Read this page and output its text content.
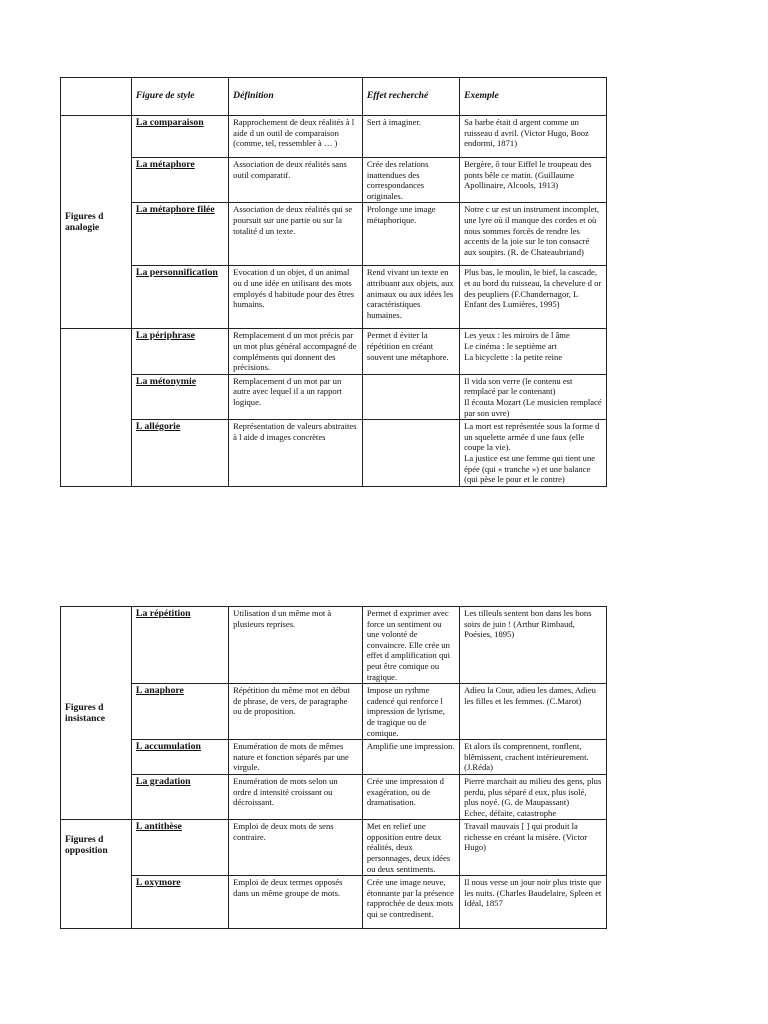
	Figure de style	Définition	Effet recherché	Exemple
Figures d analogie	La comparaison	Rapprochement de deux réalités à l aide d un outil de comparaison (comme, tel, ressembler à … )	Sert à imaginer.	Sa barbe était d argent comme un ruisseau d avril. (Victor Hugo, Booz endormi, 1871)
	La métaphore	Association de deux réalités sans outil comparatif.	Crée des relations inattendues des correspondances originales.	Bergère, ô tour Eiffel le troupeau des ponts bêle ce matin. (Guillaume Apollinaire, Alcools, 1913)
	La métaphore filée	Association de deux réalités qui se poursuit sur une partie ou sur la totalité d un texte.	Prolonge une image métaphorique.	Notre c ur est un instrument incomplet, une lyre où il manque des cordes et où nous sommes forcés de rendre les accents de la joie sur le ton consacré aux soupirs. (R. de Chateaubriand)
	La personnification	Evocation d un objet, d un animal ou d une idée en utilisant des mots employés d habitude pour des êtres humains.	Rend vivant un texte en attribuant aux objets, aux animaux ou aux idées les caractéristiques humaines.	Plus bas, le moulin, le bief, la cascade, et au bord du ruisseau, la chevelure d or des peupliers (F.Chandernagor, L Enfant des Lumières, 1995)
	La périphrase	Remplacement d un mot précis par un mot plus général accompagné de compléments qui donnent des précisions.	Permet d éviter la répétition en créant souvent une métaphore.	Les yeux : les miroirs de l âme
Le cinéma : le septième art
La bicyclette : la petite reine
	La métonymie	Remplacement d un mot par un autre avec lequel il a un rapport logique.		Il vida son verre (le contenu est remplacé par le contenant)
Il écouta Mozart (Le musicien remplacé par son uvre)
	L allégorie	Représentation de valeurs abstraites à l aide d images concrètes		La mort est représentée sous la forme d un squelette armée d une faux (elle coupe la vie).
La justice est une femme qui tient une épée (qui « tranche ») et une balance (qui pèse le pour et le contre)
Figures d insistance	La répétition	Utilisation d un même mot à plusieurs reprises.	Permet d exprimer avec force un sentiment ou une volonté de convaincre. Elle crée un effet d amplification qui peut être comique ou tragique.	Les tilleuls sentent bon dans les bons soirs de juin ! (Arthur Rimbaud, Poésies, 1895)
	L anaphore	Répétition du même mot en début de phrase, de vers, de paragraphe ou de proposition.	Impose un rythme cadencé qui renforce l impression de lyrisme, de tragique ou de comique.	Adieu la Cour, adieu les dames, Adieu les filles et les femmes. (C.Marot)
	L accumulation	Enumération de mots de mêmes nature et fonction séparés par une virgule.	Amplifie une impression.	Et alors ils comprennent, ronflent, blêmissent, crachent intérieurement. (J.Réda)
	La gradation	Enumération de mots selon un ordre d intensité croissant ou décroissant.	Crée une impression d exagération, ou de dramatisation.	Pierre marchait au milieu des gens, plus perdu, plus séparé d eux, plus isolé, plus noyé. (G. de Maupassant)
Echec, défaite, catastrophe
Figures d opposition	L antithèse	Emploi de deux mots de sens contraire.	Met en relief une opposition entre deux réalités, deux personnages, deux idées ou deux sentiments.	Travail mauvais [ ] qui produit la richesse en créant la misère. (Victor Hugo)
	L oxymore	Emploi de deux termes opposés dans un même groupe de mots.	Crée une image neuve, étonnante par la présence rapprochée de deux mots qui se contredisent.	Il nous verse un jour noir plus triste que les nuits. (Charles Baudelaire, Spleen et Idéal, 1857
